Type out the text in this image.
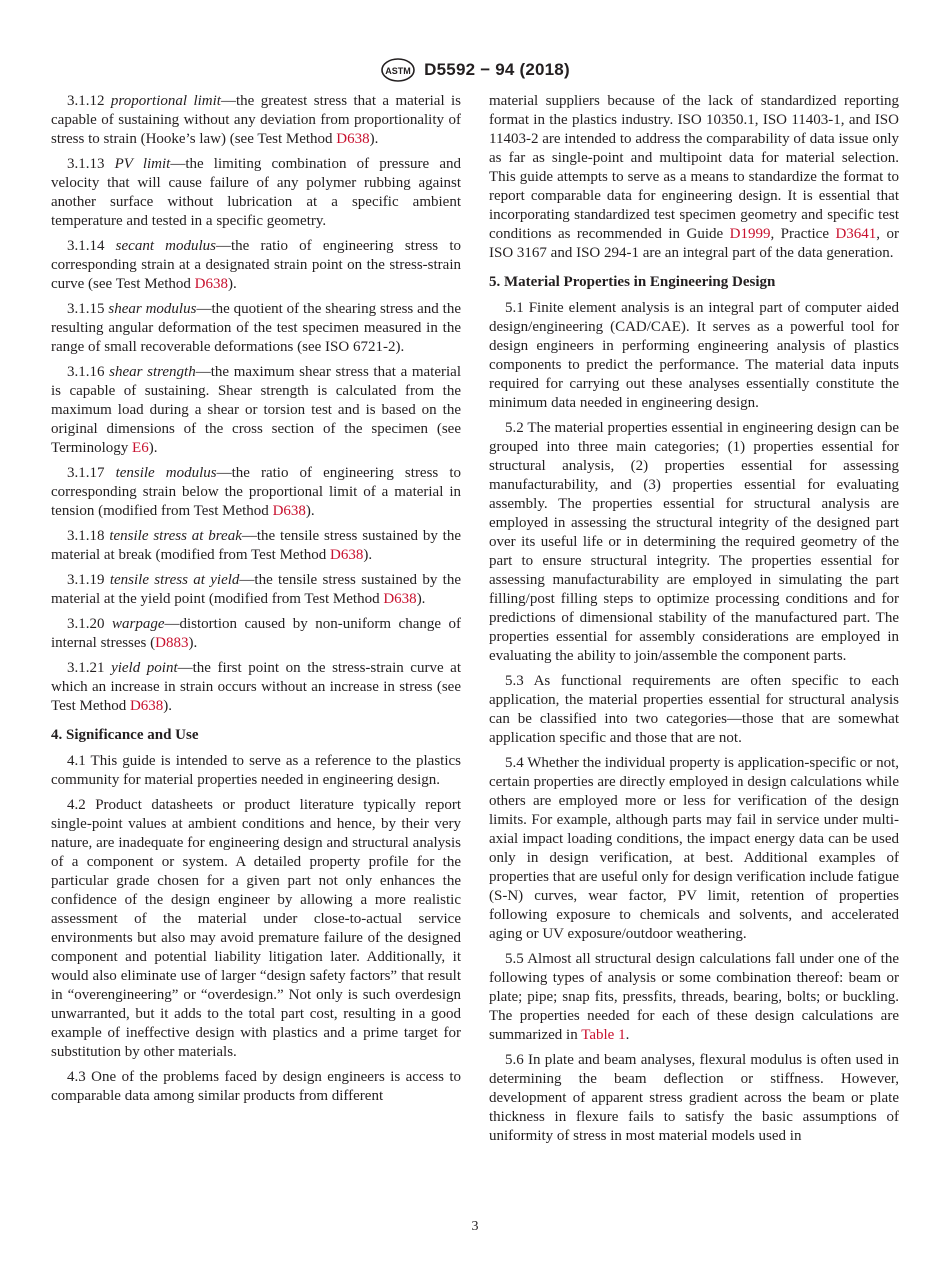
ASTM D5592 − 94 (2018)

3.1.12 proportional limit—the greatest stress that a material is capable of sustaining without any deviation from proportionality of stress to strain (Hooke’s law) (see Test Method D638).

3.1.13 PV limit—the limiting combination of pressure and velocity that will cause failure of any polymer rubbing against another surface without lubrication at a specific ambient temperature and tested in a specific geometry.

3.1.14 secant modulus—the ratio of engineering stress to corresponding strain at a designated strain point on the stress-strain curve (see Test Method D638).

3.1.15 shear modulus—the quotient of the shearing stress and the resulting angular deformation of the test specimen measured in the range of small recoverable deformations (see ISO 6721-2).

3.1.16 shear strength—the maximum shear stress that a material is capable of sustaining. Shear strength is calculated from the maximum load during a shear or torsion test and is based on the original dimensions of the cross section of the specimen (see Terminology E6).

3.1.17 tensile modulus—the ratio of engineering stress to corresponding strain below the proportional limit of a material in tension (modified from Test Method D638).

3.1.18 tensile stress at break—the tensile stress sustained by the material at break (modified from Test Method D638).

3.1.19 tensile stress at yield—the tensile stress sustained by the material at the yield point (modified from Test Method D638).

3.1.20 warpage—distortion caused by non-uniform change of internal stresses (D883).

3.1.21 yield point—the first point on the stress-strain curve at which an increase in strain occurs without an increase in stress (see Test Method D638).

4. Significance and Use

4.1 This guide is intended to serve as a reference to the plastics community for material properties needed in engineering design.

4.2 Product datasheets or product literature typically report single-point values at ambient conditions and hence, by their very nature, are inadequate for engineering design and structural analysis of a component or system. A detailed property profile for the particular grade chosen for a given part not only enhances the confidence of the design engineer by allowing a more realistic assessment of the material under close-to-actual service environments but also may avoid premature failure of the designed component and potential liability litigation later. Additionally, it would also eliminate use of larger “design safety factors” that result in “overengineering” or “overdesign.” Not only is such overdesign unwarranted, but it adds to the total part cost, resulting in a good example of ineffective design with plastics and a prime target for substitution by other materials.

4.3 One of the problems faced by design engineers is access to comparable data among similar products from different

material suppliers because of the lack of standardized reporting format in the plastics industry. ISO 10350.1, ISO 11403-1, and ISO 11403-2 are intended to address the comparability of data issue only as far as single-point and multipoint data for material selection. This guide attempts to serve as a means to standardize the format to report comparable data for engineering design. It is essential that incorporating standardized test specimen geometry and specific test conditions as recommended in Guide D1999, Practice D3641, or ISO 3167 and ISO 294-1 are an integral part of the data generation.

5. Material Properties in Engineering Design

5.1 Finite element analysis is an integral part of computer aided design/engineering (CAD/CAE). It serves as a powerful tool for design engineers in performing engineering analysis of plastics components to predict the performance. The material data inputs required for carrying out these analyses essentially constitute the minimum data needed in engineering design.

5.2 The material properties essential in engineering design can be grouped into three main categories; (1) properties essential for structural analysis, (2) properties essential for assessing manufacturability, and (3) properties essential for evaluating assembly. The properties essential for structural analysis are employed in assessing the structural integrity of the designed part over its useful life or in determining the required geometry of the part to ensure structural integrity. The properties essential for assessing manufacturability are employed in simulating the part filling/post filling steps to optimize processing conditions and for predictions of dimensional stability of the manufactured part. The properties essential for assembly considerations are employed in evaluating the ability to join/assemble the component parts.

5.3 As functional requirements are often specific to each application, the material properties essential for structural analysis can be classified into two categories—those that are somewhat application specific and those that are not.

5.4 Whether the individual property is application-specific or not, certain properties are directly employed in design calculations while others are employed more or less for verification of the design limits. For example, although parts may fail in service under multi-axial impact loading conditions, the impact energy data can be used only in design verification, at best. Additional examples of properties that are useful only for design verification include fatigue (S-N) curves, wear factor, PV limit, retention of properties following exposure to chemicals and solvents, and accelerated aging or UV exposure/outdoor weathering.

5.5 Almost all structural design calculations fall under one of the following types of analysis or some combination thereof: beam or plate; pipe; snap fits, pressfits, threads, bearing, bolts; or buckling. The properties needed for each of these design calculations are summarized in Table 1.

5.6 In plate and beam analyses, flexural modulus is often used in determining the beam deflection or stiffness. However, development of apparent stress gradient across the beam or plate thickness in flexure fails to satisfy the basic assumptions of uniformity of stress in most material models used in

3
